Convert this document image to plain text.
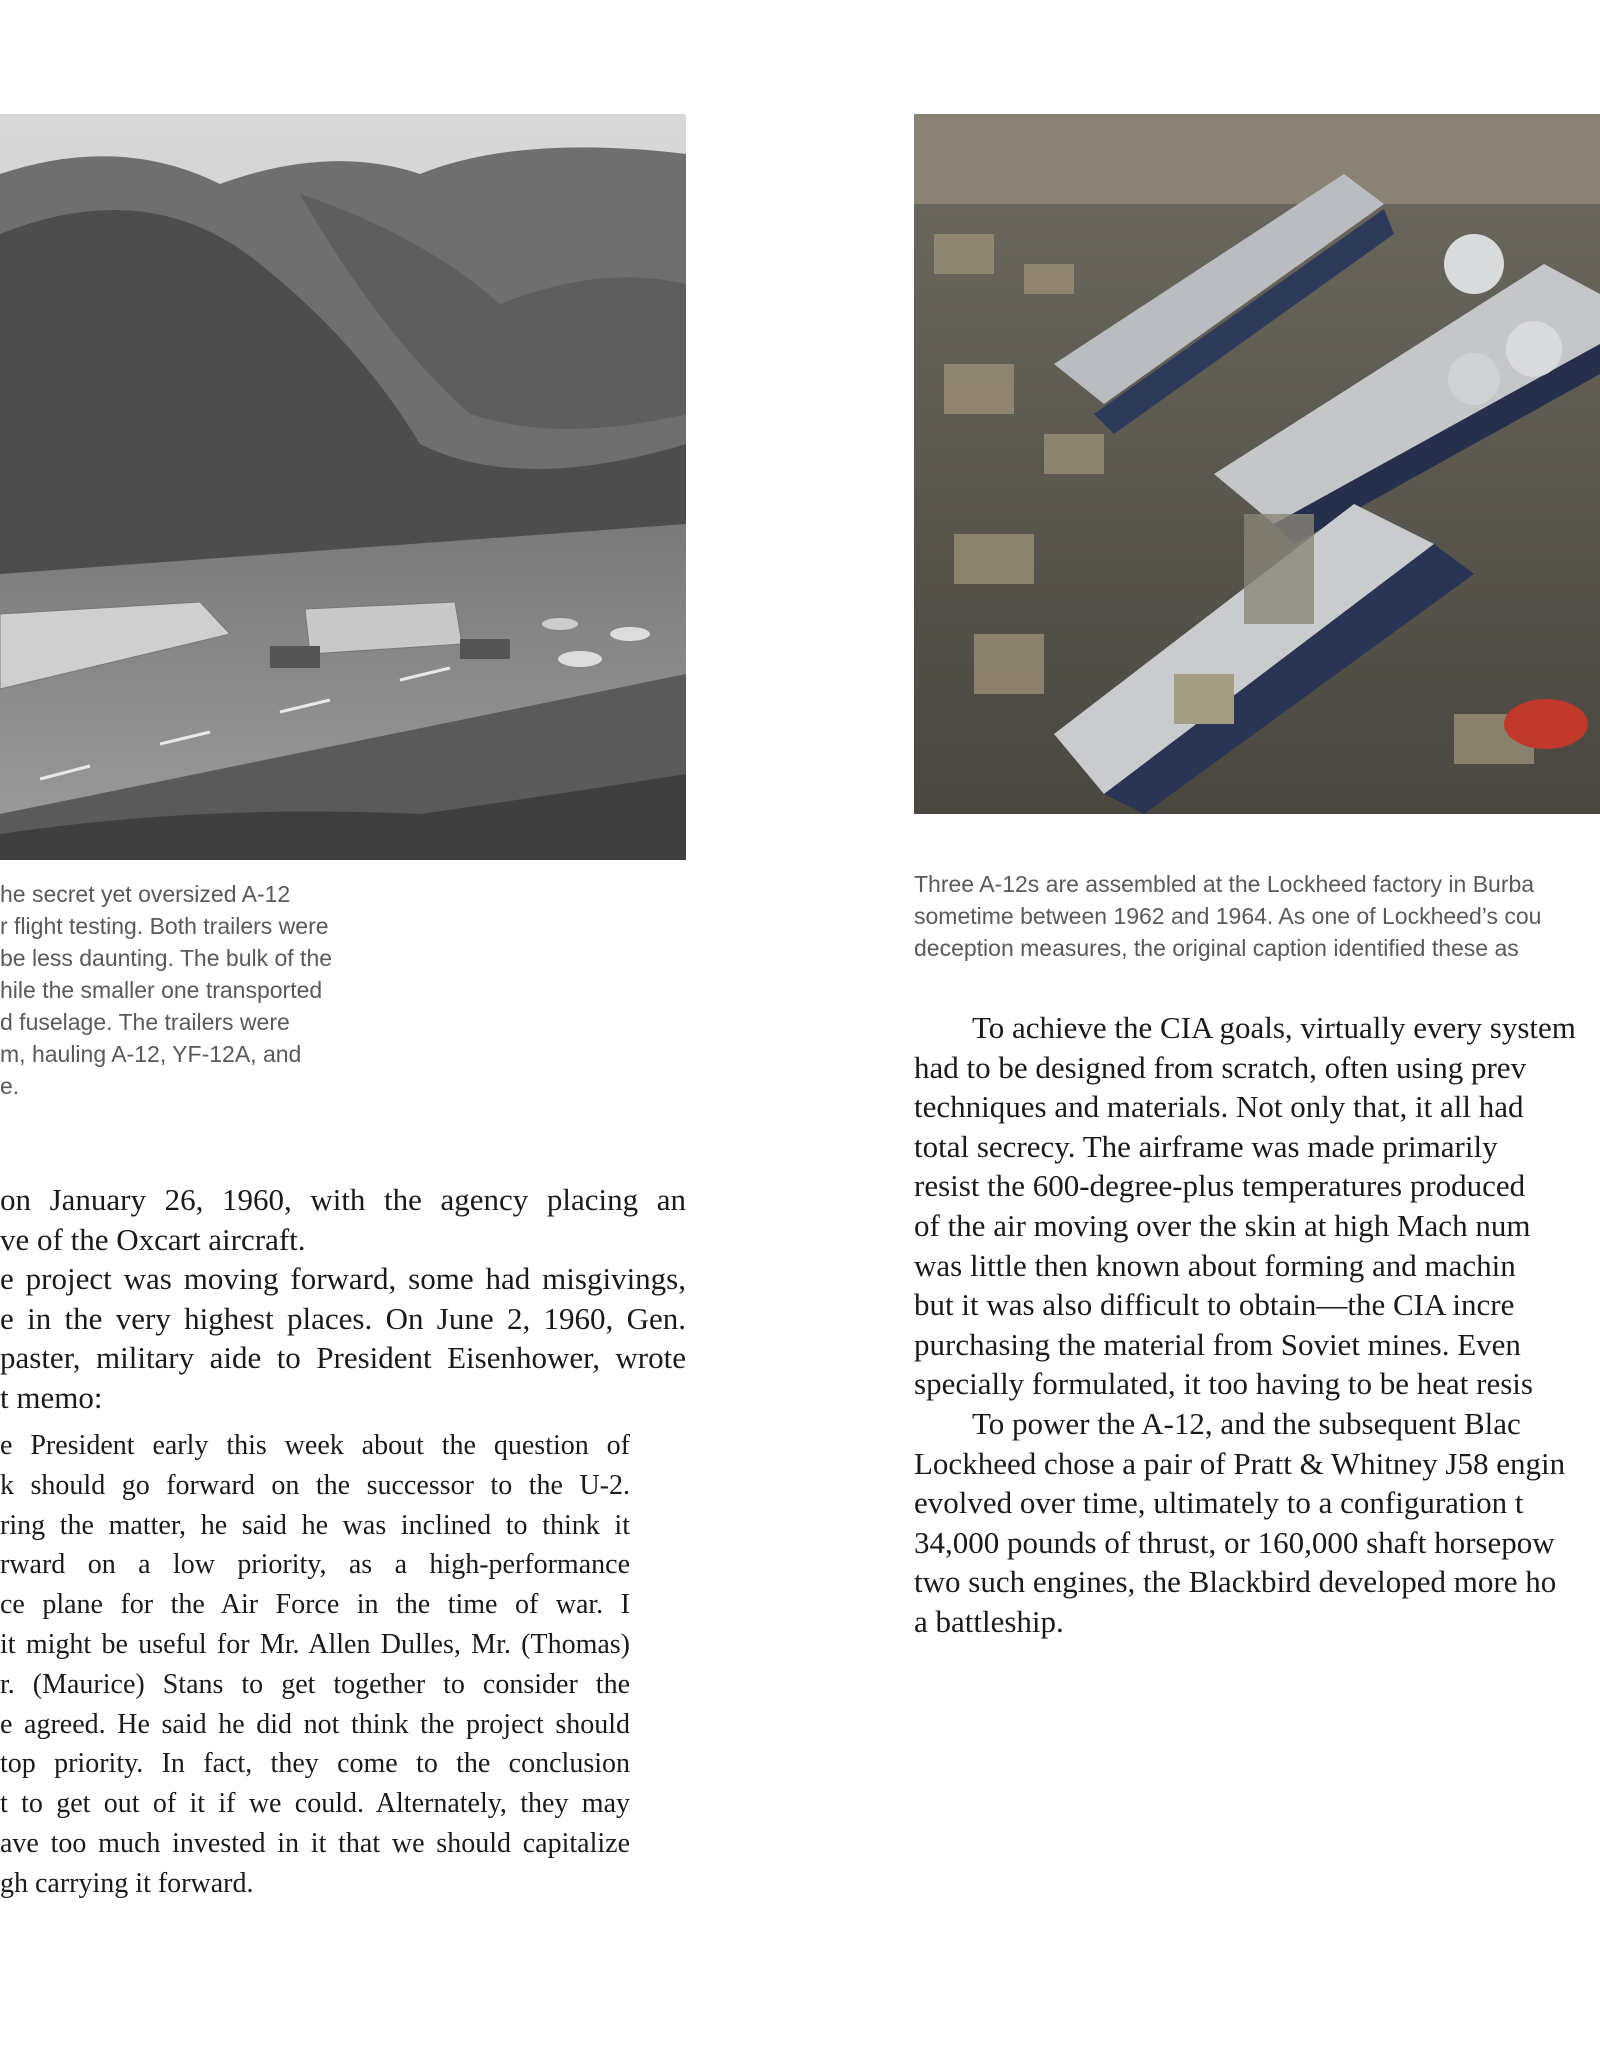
he secret yet oversized A-12
r flight testing. Both trailers were
be less daunting. The bulk of the
hile the smaller one transported
d fuselage. The trailers were
m, hauling A-12, YF-12A, and
e.
on January 26, 1960, with the agency placing an
ve of the Oxcart aircraft.
e project was moving forward, some had misgivings,
e in the very highest places. On June 2, 1960, Gen.
paster, military aide to President Eisenhower, wrote
t memo:
e President early this week about the question of
k should go forward on the successor to the U-2.
ring the matter, he said he was inclined to think it
rward on a low priority, as a high-performance
ce plane for the Air Force in the time of war. I
it might be useful for Mr. Allen Dulles, Mr. (Thomas)
r. (Maurice) Stans to get together to consider the
e agreed. He said he did not think the project should
top priority. In fact, they come to the conclusion
t to get out of it if we could. Alternately, they may
ave too much invested in it that we should capitalize
gh carrying it forward.
Three A-12s are assembled at the Lockheed factory in Burba
sometime between 1962 and 1964. As one of Lockheed’s cou
deception measures, the original caption identified these as
To achieve the CIA goals, virtually every system
had to be designed from scratch, often using prev
techniques and materials. Not only that, it all had
total secrecy. The airframe was made primarily
resist the 600-degree-plus temperatures produced
of the air moving over the skin at high Mach num
was little then known about forming and machin
but it was also difficult to obtain—the CIA incre
purchasing the material from Soviet mines. Even
specially formulated, it too having to be heat resis
To power the A-12, and the subsequent Blac
Lockheed chose a pair of Pratt & Whitney J58 engin
evolved over time, ultimately to a configuration t
34,000 pounds of thrust, or 160,000 shaft horsepow
two such engines, the Blackbird developed more ho
a battleship.
